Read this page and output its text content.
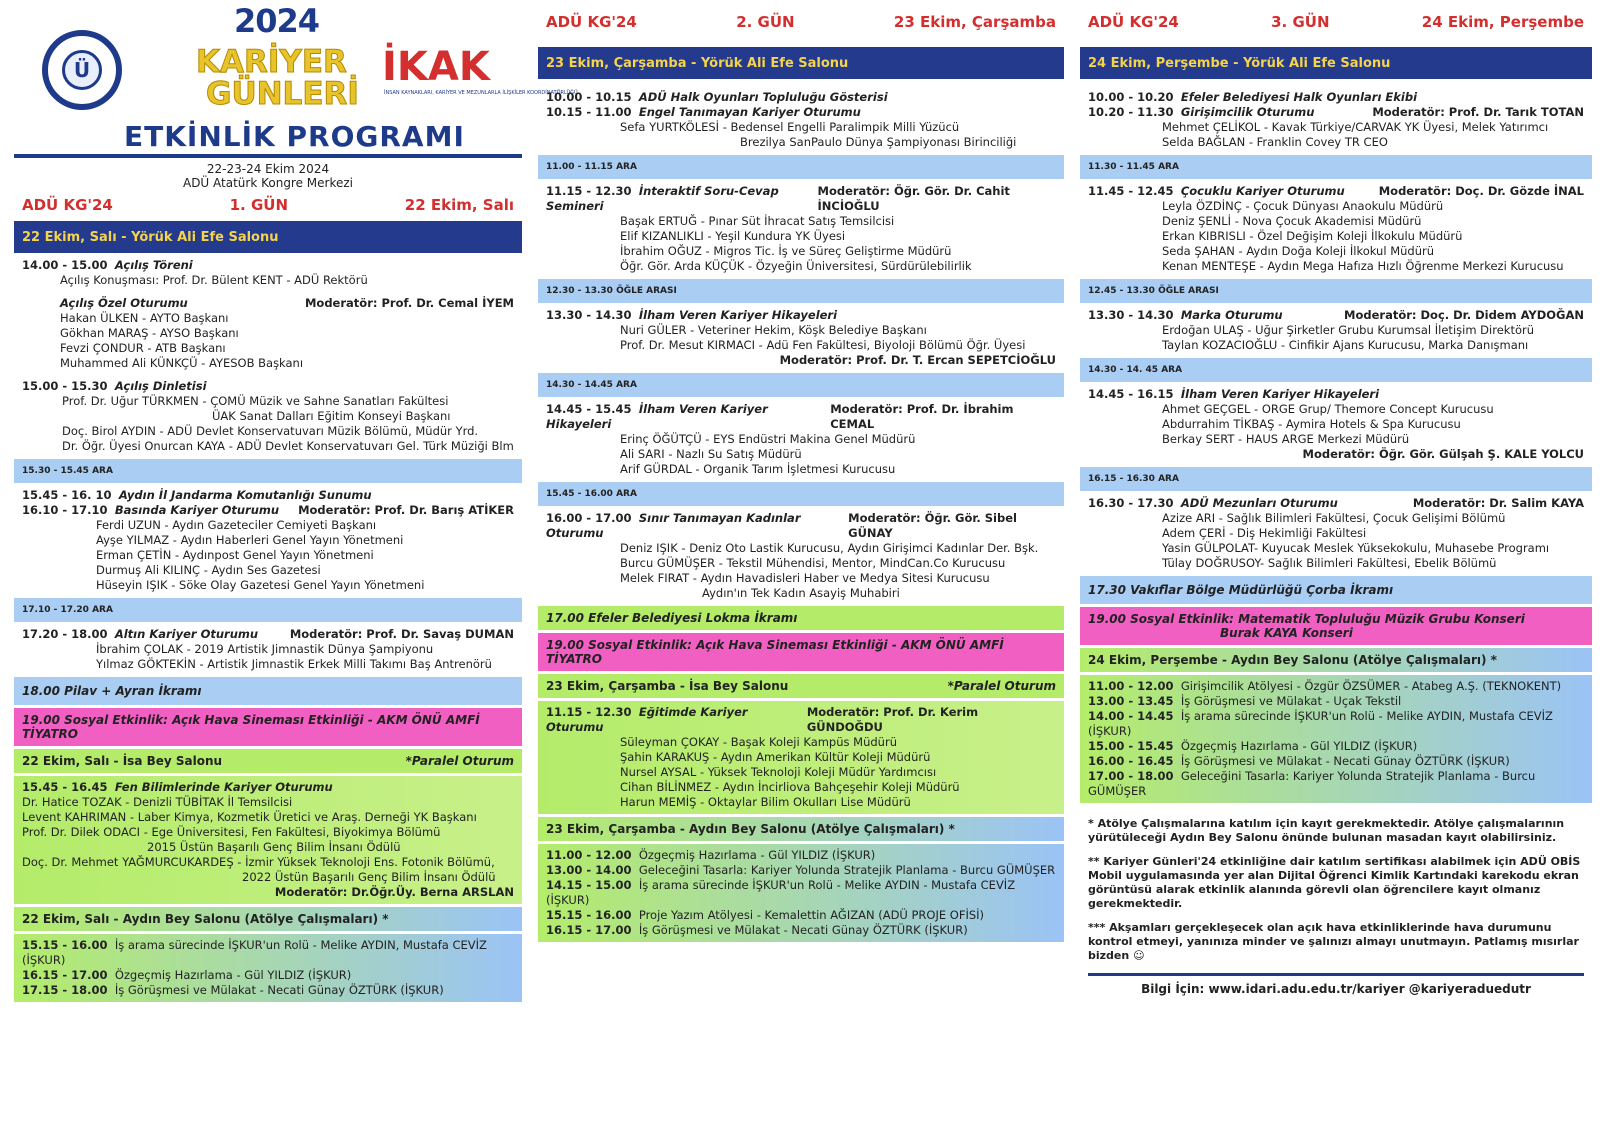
Ü
2024
KARİYER
GÜNLERİ
İKAK
İNSAN KAYNAKLARI, KARİYER VE MEZUNLARLA İLİŞKİLER KOORDİNATÖRLÜĞÜ
ETKİNLİK PROGRAMI
22-23-24 Ekim 2024
ADÜ Atatürk Kongre Merkezi
ADÜ KG'24	1. GÜN	22 Ekim, Salı
22 Ekim, Salı - Yörük Ali Efe Salonu
14.00 - 15.00 Açılış Töreni
Açılış Konuşması: Prof. Dr. Bülent KENT - ADÜ Rektörü
Açılış Özel Oturumu	Moderatör: Prof. Dr. Cemal İYEM
Hakan ÜLKEN - AYTO Başkanı
Gökhan MARAŞ - AYSO Başkanı
Fevzi ÇONDUR - ATB Başkanı
Muhammed Ali KÜNKÇÜ - AYESOB Başkanı
15.00 - 15.30 Açılış Dinletisi
Prof. Dr. Uğur TÜRKMEN - ÇOMÜ Müzik ve Sahne Sanatları Fakültesi
ÜAK Sanat Dalları Eğitim Konseyi Başkanı
Doç. Birol AYDIN - ADÜ Devlet Konservatuvarı Müzik Bölümü, Müdür Yrd.
Dr. Öğr. Üyesi Onurcan KAYA - ADÜ Devlet Konservatuvarı Gel. Türk Müziği Blm
15.30 - 15.45 ARA
15.45 - 16. 10 Aydın İl Jandarma Komutanlığı Sunumu
16.10 - 17.10 Basında Kariyer Oturumu Moderatör: Prof. Dr. Barış ATİKER
Ferdi UZUN - Aydın Gazeteciler Cemiyeti Başkanı
Ayşe YILMAZ - Aydın Haberleri Genel Yayın Yönetmeni
Erman ÇETİN - Aydınpost Genel Yayın Yönetmeni
Durmuş Ali KILINÇ - Aydın Ses Gazetesi
Hüseyin IŞIK - Söke Olay Gazetesi Genel Yayın Yönetmeni
17.10 - 17.20 ARA
17.20 - 18.00 Altın Kariyer Oturumu	Moderatör: Prof. Dr. Savaş DUMAN
İbrahim ÇOLAK - 2019 Artistik Jimnastik Dünya Şampiyonu
Yılmaz GÖKTEKİN - Artistik Jimnastik Erkek Milli Takımı Baş Antrenörü
18.00 Pilav + Ayran İkramı
19.00 Sosyal Etkinlik: Açık Hava Sineması Etkinliği - AKM ÖNÜ AMFİ TİYATRO
22 Ekim, Salı - İsa Bey Salonu	*Paralel Oturum
15.45 - 16.45 Fen Bilimlerinde Kariyer Oturumu
Dr. Hatice TOZAK - Denizli TÜBİTAK İl Temsilcisi
Levent KAHRIMAN - Laber Kimya, Kozmetik Üretici ve Araş. Derneği YK Başkanı
Prof. Dr. Dilek ODACI - Ege Üniversitesi, Fen Fakültesi, Biyokimya Bölümü
2015 Üstün Başarılı Genç Bilim İnsanı Ödülü
Doç. Dr. Mehmet YAĞMURCUKARDEŞ - İzmir Yüksek Teknoloji Ens. Fotonik Bölümü,
2022 Üstün Başarılı Genç Bilim İnsanı Ödülü
Moderatör: Dr.Öğr.Üy. Berna ARSLAN
22 Ekim, Salı - Aydın Bey Salonu (Atölye Çalışmaları) *
15.15 - 16.00 İş arama sürecinde İŞKUR'un Rolü - Melike AYDIN, Mustafa CEVİZ (İŞKUR)
16.15 - 17.00 Özgeçmiş Hazırlama - Gül YILDIZ (İŞKUR)
17.15 - 18.00 İş Görüşmesi ve Mülakat - Necati Günay ÖZTÜRK (İŞKUR)
ADÜ KG'24	2. GÜN	23 Ekim, Çarşamba
23 Ekim, Çarşamba - Yörük Ali Efe Salonu
10.00 - 10.15 ADÜ Halk Oyunları Topluluğu Gösterisi
10.15 - 11.00 Engel Tanımayan Kariyer Oturumu
Sefa YURTKÖLESİ - Bedensel Engelli Paralimpik Milli Yüzücü
Brezilya SanPaulo Dünya Şampiyonası Birinciliği
11.00 - 11.15 ARA
11.15 - 12.30 İnteraktif Soru-Cevap Semineri
Moderatör: Öğr. Gör. Dr. Cahit İNCİOĞLU
Başak ERTUĞ - Pınar Süt İhracat Satış Temsilcisi
Elif KIZANLIKLI - Yeşil Kundura YK Üyesi
İbrahim OĞUZ - Migros Tic. İş ve Süreç Geliştirme Müdürü
Öğr. Gör. Arda KÜÇÜK - Özyeğin Üniversitesi, Sürdürülebilirlik
12.30 - 13.30 ÖĞLE ARASI
13.30 - 14.30 İlham Veren Kariyer Hikayeleri
Nuri GÜLER - Veteriner Hekim, Köşk Belediye Başkanı
Prof. Dr. Mesut KIRMACI - Adü Fen Fakültesi, Biyoloji Bölümü Öğr. Üyesi
Moderatör: Prof. Dr. T. Ercan SEPETCİOĞLU
14.30 - 14.45 ARA
14.45 - 15.45 İlham Veren Kariyer Hikayeleri
Moderatör: Prof. Dr. İbrahim CEMAL
Erinç ÖĞÜTÇÜ - EYS Endüstri Makina Genel Müdürü
Ali SARI - Nazlı Su Satış Müdürü
Arif GÜRDAL - Organik Tarım İşletmesi Kurucusu
15.45 - 16.00 ARA
16.00 - 17.00 Sınır Tanımayan Kadınlar Oturumu
Moderatör: Öğr. Gör. Sibel GÜNAY
Deniz IŞIK - Deniz Oto Lastik Kurucusu, Aydın Girişimci Kadınlar Der. Bşk.
Burcu GÜMÜŞER - Tekstil Mühendisi, Mentor, MindCan.Co Kurucusu
Melek FIRAT - Aydın Havadisleri Haber ve Medya Sitesi Kurucusu
Aydın'ın Tek Kadın Asayiş Muhabiri
17.00 Efeler Belediyesi Lokma İkramı
19.00 Sosyal Etkinlik: Açık Hava Sineması Etkinliği - AKM ÖNÜ AMFİ TİYATRO
23 Ekim, Çarşamba - İsa Bey Salonu	*Paralel Oturum
11.15 - 12.30 Eğitimde Kariyer Oturumu
Moderatör: Prof. Dr. Kerim GÜNDOĞDU
Süleyman ÇOKAY - Başak Koleji Kampüs Müdürü
Şahin KARAKUŞ - Aydın Amerikan Kültür Koleji Müdürü
Nursel AYSAL - Yüksek Teknoloji Koleji Müdür Yardımcısı
Cihan BİLİNMEZ - Aydın İncirliova Bahçeşehir Koleji Müdürü
Harun MEMİŞ - Oktaylar Bilim Okulları Lise Müdürü
23 Ekim, Çarşamba - Aydın Bey Salonu (Atölye Çalışmaları) *
11.00 - 12.00 Özgeçmiş Hazırlama - Gül YILDIZ (İŞKUR)
13.00 - 14.00 Geleceğini Tasarla: Kariyer Yolunda Stratejik Planlama - Burcu GÜMÜŞER
14.15 - 15.00 İş arama sürecinde İŞKUR'un Rolü - Melike AYDIN - Mustafa CEVİZ (İŞKUR)
15.15 - 16.00 Proje Yazım Atölyesi - Kemalettin AĞIZAN (ADÜ PROJE OFİSİ)
16.15 - 17.00 İş Görüşmesi ve Mülakat - Necati Günay ÖZTÜRK (İŞKUR)
ADÜ KG'24	3. GÜN	24 Ekim, Perşembe
24 Ekim, Perşembe - Yörük Ali Efe Salonu
10.00 - 10.20 Efeler Belediyesi Halk Oyunları Ekibi
10.20 - 11.30 Girişimcilik Oturumu	Moderatör: Prof. Dr. Tarık TOTAN
Mehmet ÇELİKOL - Kavak Türkiye/CARVAK YK Üyesi, Melek Yatırımcı
Selda BAĞLAN - Franklin Covey TR CEO
11.30 - 11.45 ARA
11.45 - 12.45 Çocuklu Kariyer Oturumu	Moderatör: Doç. Dr. Gözde İNAL
Leyla ÖZDİNÇ - Çocuk Dünyası Anaokulu Müdürü
Deniz ŞENLİ - Nova Çocuk Akademisi Müdürü
Erkan KIBRISLI - Özel Değişim Koleji İlkokulu Müdürü
Seda ŞAHAN - Aydın Doğa Koleji İlkokul Müdürü
Kenan MENTEŞE - Aydın Mega Hafıza Hızlı Öğrenme Merkezi Kurucusu
12.45 - 13.30 ÖĞLE ARASI
13.30 - 14.30 Marka Oturumu	Moderatör: Doç. Dr. Didem AYDOĞAN
Erdoğan ULAŞ - Uğur Şirketler Grubu Kurumsal İletişim Direktörü
Taylan KOZACIOĞLU - Cinfikir Ajans Kurucusu, Marka Danışmanı
14.30 - 14. 45 ARA
14.45 - 16.15 İlham Veren Kariyer Hikayeleri
Ahmet GEÇGEL - ORGE Grup/ Themore Concept Kurucusu
Abdurrahim TİKBAŞ - Aymira Hotels & Spa Kurucusu
Berkay SERT - HAUS ARGE Merkezi Müdürü
Moderatör: Öğr. Gör. Gülşah Ş. KALE YOLCU
16.15 - 16.30 ARA
16.30 - 17.30 ADÜ Mezunları Oturumu	Moderatör: Dr. Salim KAYA
Azize ARI - Sağlık Bilimleri Fakültesi, Çocuk Gelişimi Bölümü
Adem ÇERİ - Diş Hekimliği Fakültesi
Yasin GÜLPOLAT- Kuyucak Meslek Yüksekokulu, Muhasebe Programı
Tülay DOĞRUSOY- Sağlık Bilimleri Fakültesi, Ebelik Bölümü
17.30 Vakıflar Bölge Müdürlüğü Çorba İkramı
19.00 Sosyal Etkinlik: Matematik Topluluğu Müzik Grubu Konseri
Burak KAYA Konseri
24 Ekim, Perşembe - Aydın Bey Salonu (Atölye Çalışmaları) *
11.00 - 12.00 Girişimcilik Atölyesi - Özgür ÖZSÜMER - Atabeg A.Ş. (TEKNOKENT)
13.00 - 13.45 İş Görüşmesi ve Mülakat - Uçak Tekstil
14.00 - 14.45 İş arama sürecinde İŞKUR'un Rolü - Melike AYDIN, Mustafa CEVİZ (İŞKUR)
15.00 - 15.45 Özgeçmiş Hazırlama - Gül YILDIZ (İŞKUR)
16.00 - 16.45 İş Görüşmesi ve Mülakat - Necati Günay ÖZTÜRK (İŞKUR)
17.00 - 18.00 Geleceğini Tasarla: Kariyer Yolunda Stratejik Planlama - Burcu GÜMÜŞER

* Atölye Çalışmalarına katılım için kayıt gerekmektedir. Atölye çalışmalarının yürütüleceği Aydın Bey Salonu önünde bulunan masadan kayıt olabilirsiniz.

** Kariyer Günleri'24 etkinliğine dair katılım sertifikası alabilmek için ADÜ OBİS Mobil uygulamasında yer alan Dijital Öğrenci Kimlik Kartındaki karekodu ekran görüntüsü alarak etkinlik alanında görevli olan öğrencilere kayıt olmanız gerekmektedir.

*** Akşamları gerçekleşecek olan açık hava etkinliklerinde hava durumunu kontrol etmeyi, yanınıza minder ve şalınızı almayı unutmayın. Patlamış mısırlar bizden ☺

Bilgi İçin: www.idari.adu.edu.tr/kariyer @kariyeraduedutr
